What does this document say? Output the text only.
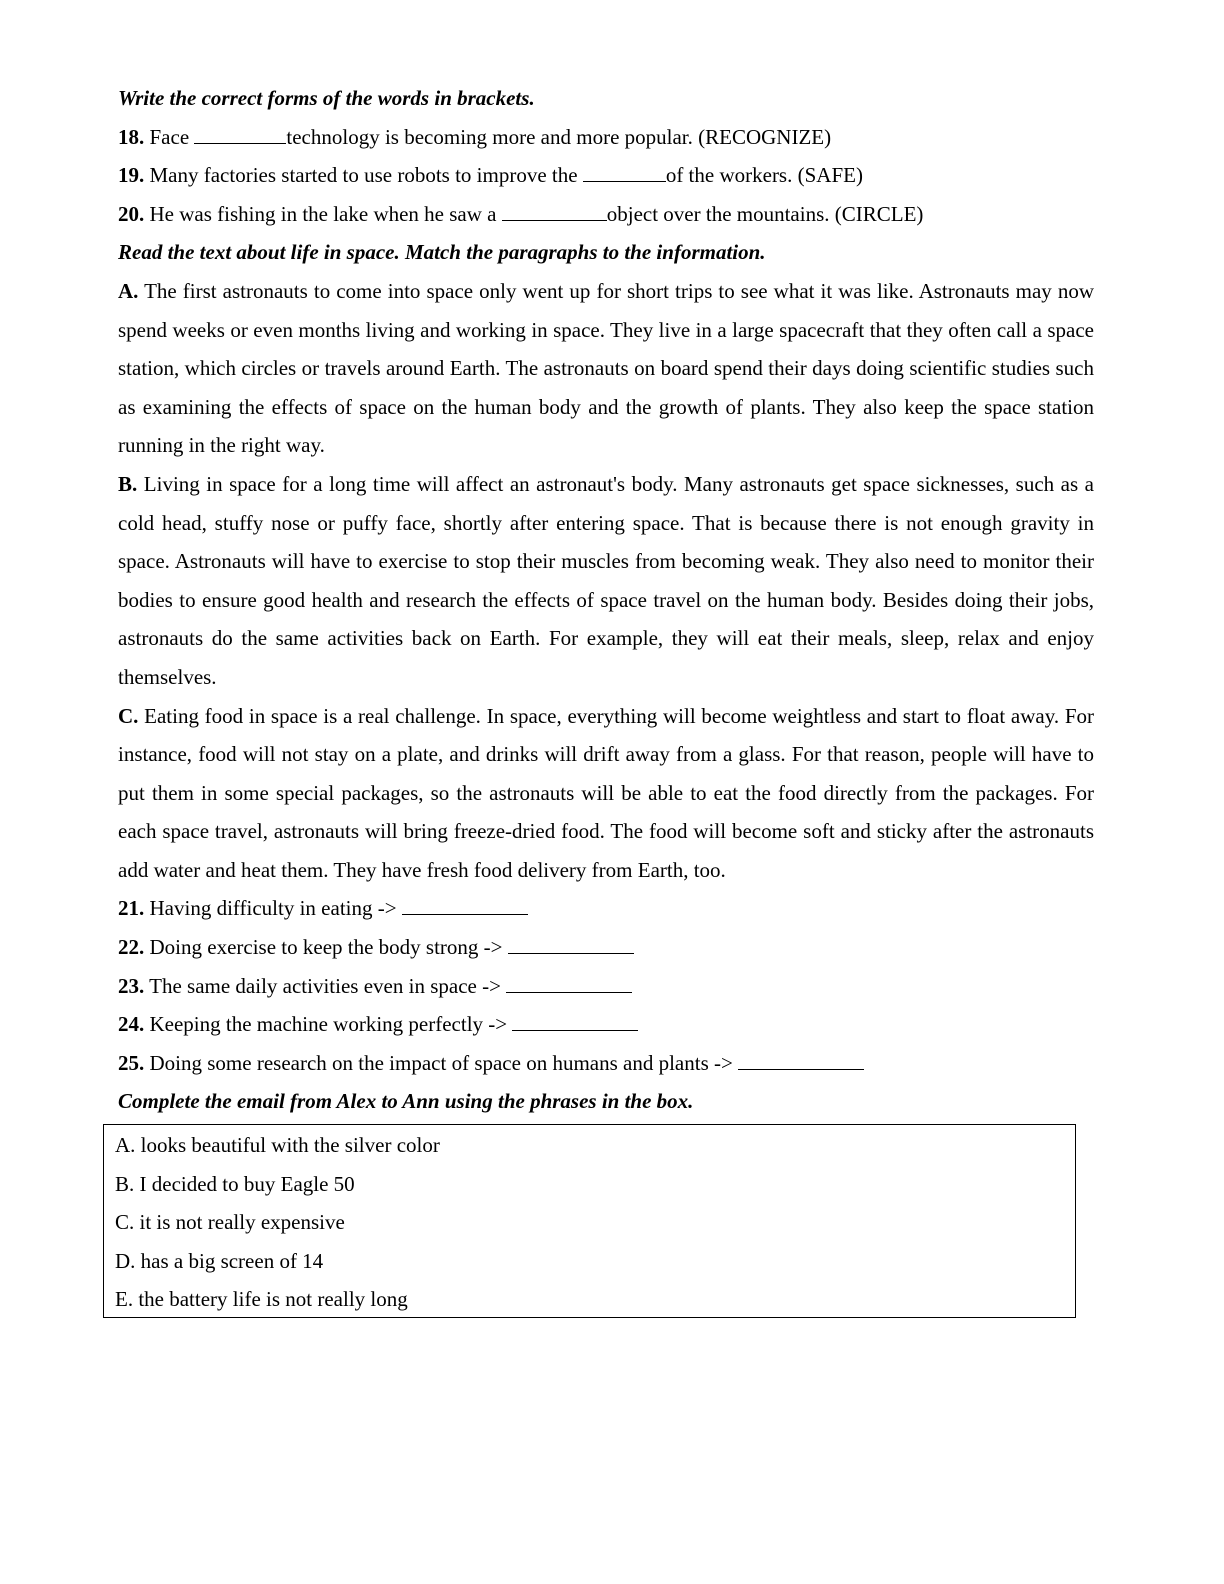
Write the correct forms of the words in brackets.
18. Face	technology is becoming more and more popular. (RECOGNIZE)
19. Many factories started to use robots to improve the	of the workers. (SAFE)
20. He was fishing in the lake when he saw a	object over the mountains. (CIRCLE)
Read the text about life in space. Match the paragraphs to the information.
A. The first astronauts to come into space only went up for short trips to see what it was like. Astronauts may now spend weeks or even months living and working in space. They live in a large spacecraft that they often call a space station, which circles or travels around Earth. The astronauts on board spend their days doing scientific studies such as examining the effects of space on the human body and the growth of plants. They also keep the space station running in the right way.
B. Living in space for a long time will affect an astronaut's body. Many astronauts get space sicknesses, such as a cold head, stuffy nose or puffy face, shortly after entering space. That is because there is not enough gravity in space. Astronauts will have to exercise to stop their muscles from becoming weak. They also need to monitor their bodies to ensure good health and research the effects of space travel on the human body. Besides doing their jobs, astronauts do the same activities back on Earth. For example, they will eat their meals, sleep, relax and enjoy themselves.
C. Eating food in space is a real challenge. In space, everything will become weightless and start to float away. For instance, food will not stay on a plate, and drinks will drift away from a glass. For that reason, people will have to put them in some special packages, so the astronauts will be able to eat the food directly from the packages. For each space travel, astronauts will bring freeze-dried food. The food will become soft and sticky after the astronauts add water and heat them. They have fresh food delivery from Earth, too.
21. Having difficulty in eating ->
22. Doing exercise to keep the body strong ->
23. The same daily activities even in space ->
24. Keeping the machine working perfectly ->
25. Doing some research on the impact of space on humans and plants ->
Complete the email from Alex to Ann using the phrases in the box.
A. looks beautiful with the silver color
B. I decided to buy Eagle 50
C. it is not really expensive
D. has a big screen of 14
E. the battery life is not really long
